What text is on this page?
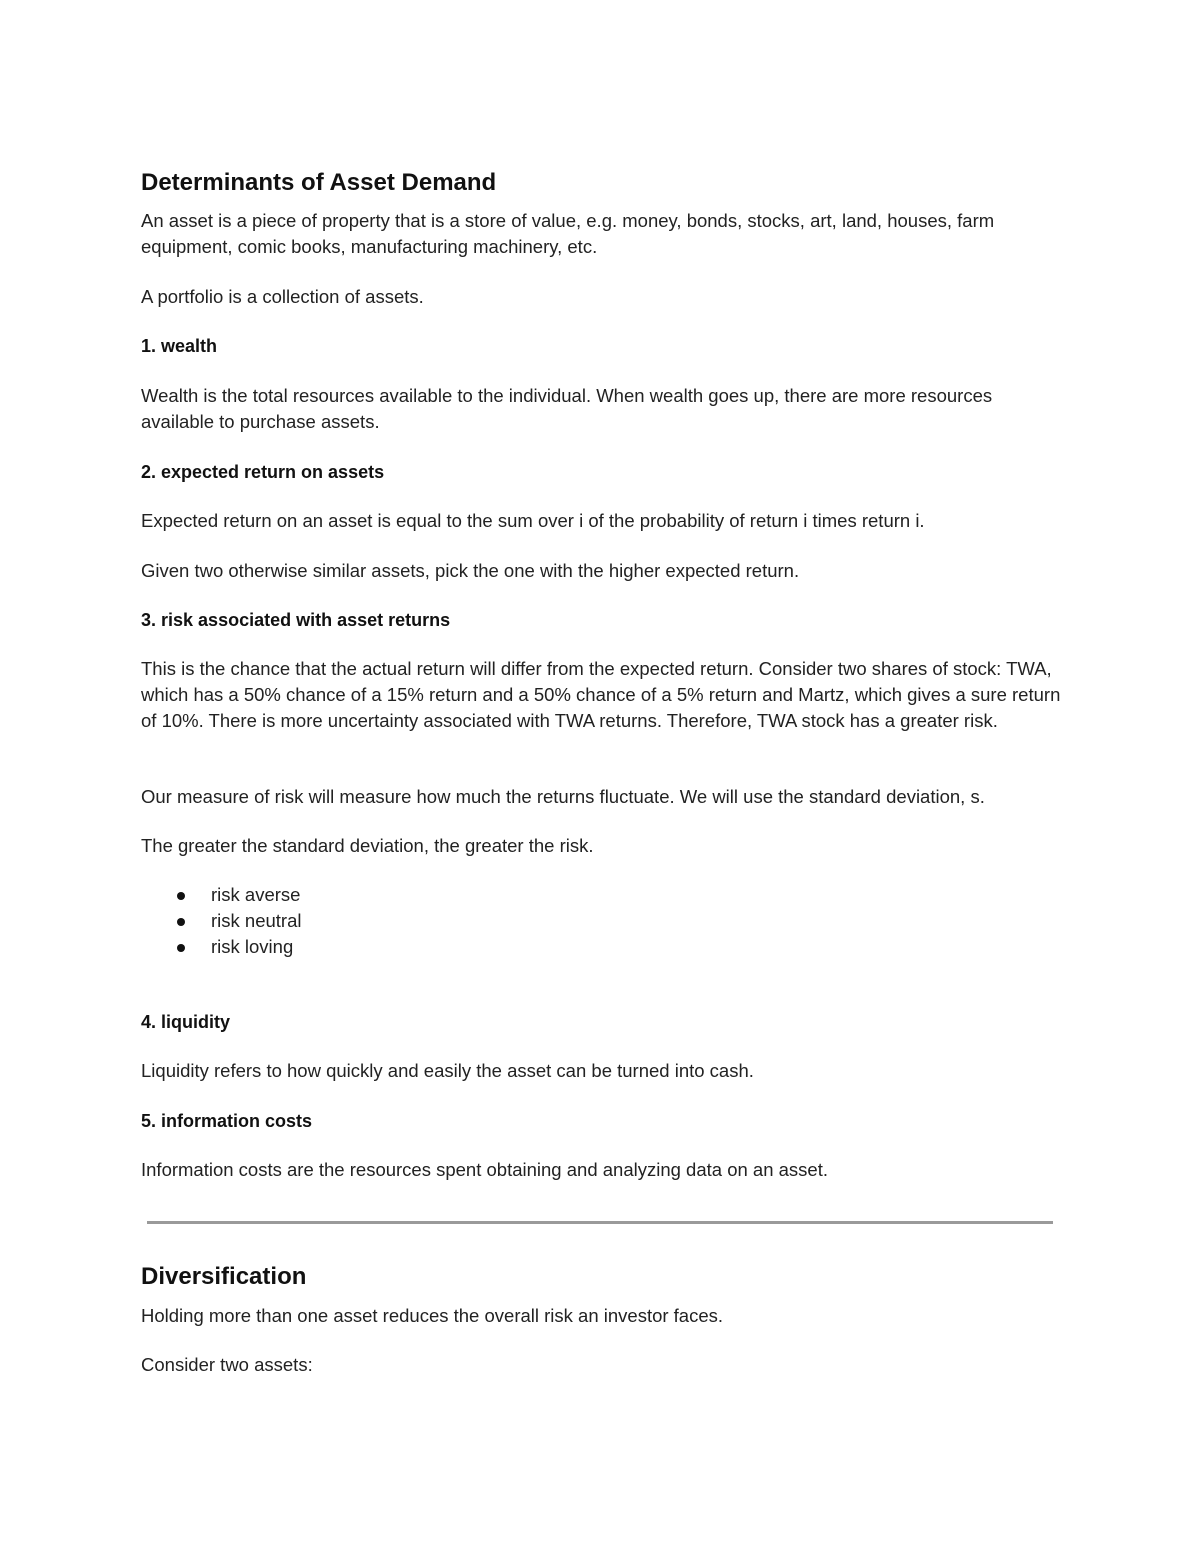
Determinants of Asset Demand

An asset is a piece of property that is a store of value, e.g. money, bonds, stocks, art, land, houses, farm equipment, comic books, manufacturing machinery, etc.

A portfolio is a collection of assets.

1. wealth

Wealth is the total resources available to the individual. When wealth goes up, there are more resources available to purchase assets.

2. expected return on assets

Expected return on an asset is equal to the sum over i of the probability of return i times return i.

Given two otherwise similar assets, pick the one with the higher expected return.

3. risk associated with asset returns

This is the chance that the actual return will differ from the expected return. Consider two shares of stock: TWA, which has a 50% chance of a 15% return and a 50% chance of a 5% return and Martz, which gives a sure return of 10%. There is more uncertainty associated with TWA returns. Therefore, TWA stock has a greater risk.

Our measure of risk will measure how much the returns fluctuate. We will use the standard deviation, s.

The greater the standard deviation, the greater the risk.

risk averse
risk neutral
risk loving
4. liquidity

Liquidity refers to how quickly and easily the asset can be turned into cash.

5. information costs

Information costs are the resources spent obtaining and analyzing data on an asset.

Diversification

Holding more than one asset reduces the overall risk an investor faces.

Consider two assets:
